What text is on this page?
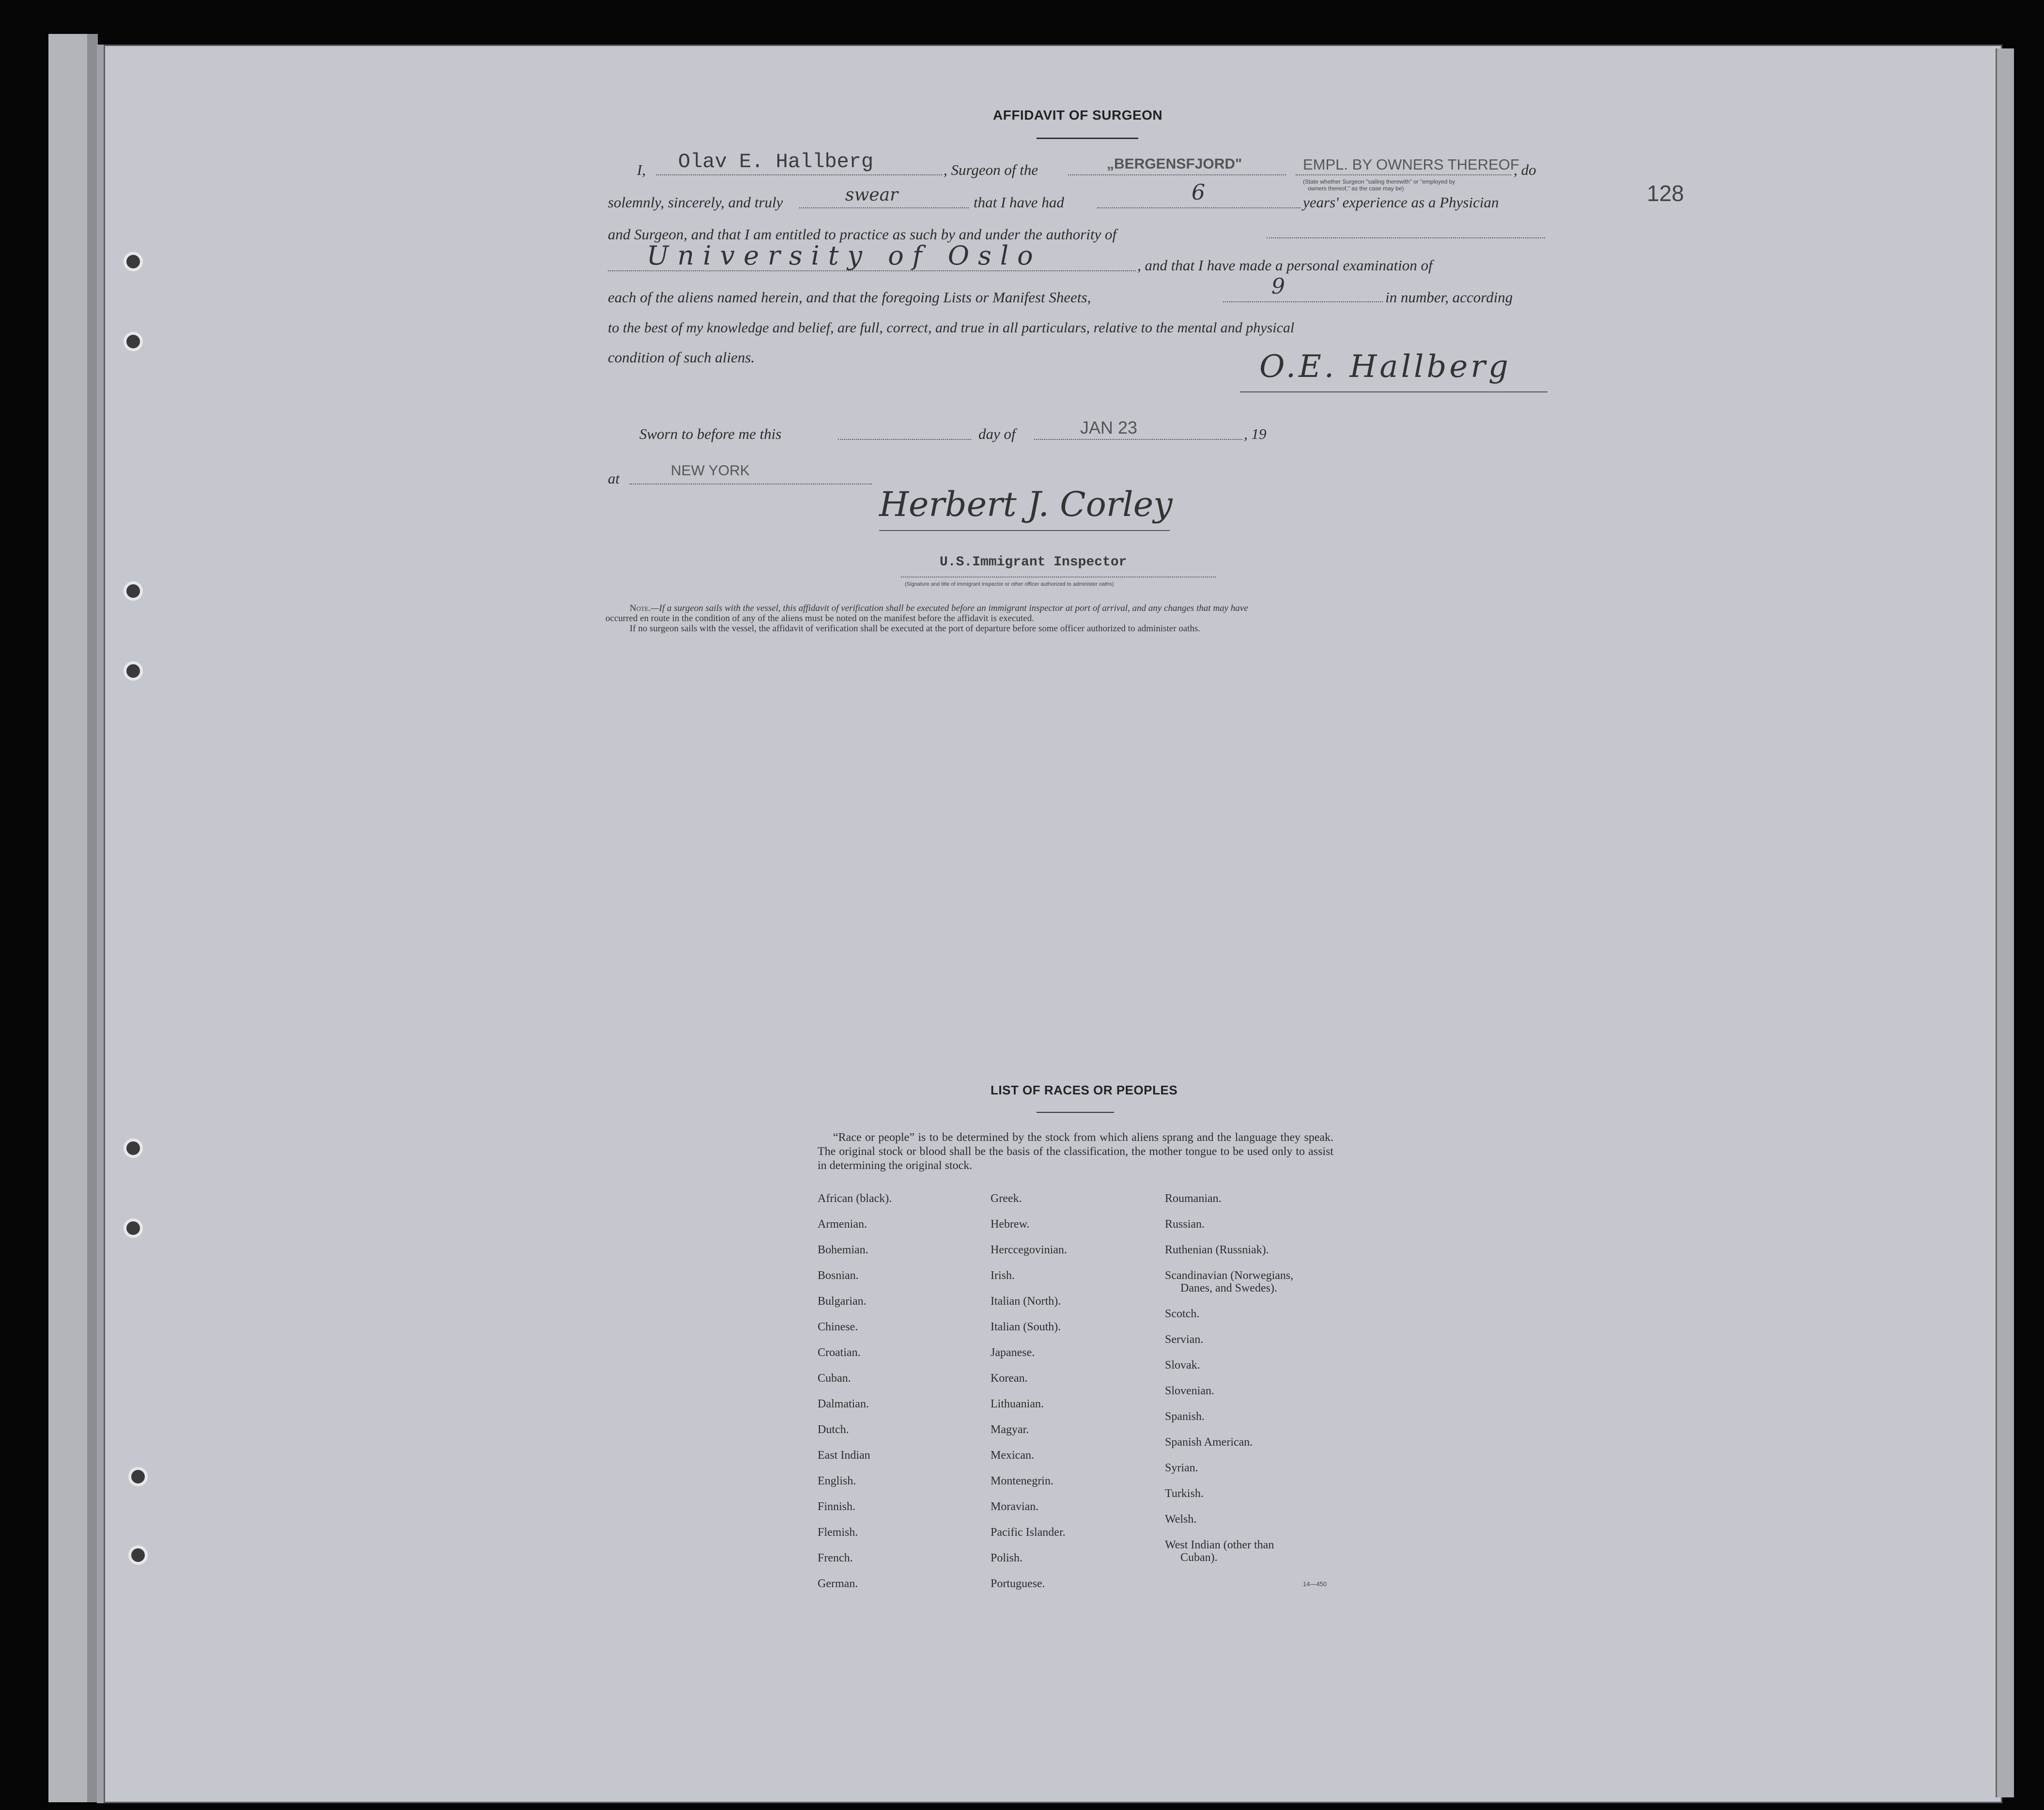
AFFIDAVIT OF SURGEON
128
I, Olav E. Hallberg	, Surgeon of the	„BERGENSFJORD"	EMPL. BY OWNERS THEREOF
, do
(State whether Surgeon "sailing therewith" or "employed by
owners thereof," as the case may be)
solemnly, sincerely, and truly	swear	that I have had	6	years' experience as a Physician
and Surgeon, and that I am entitled to practice as such by and under the authority of
University of Oslo	, and that I have made a personal examination of
each of the aliens named herein, and that the foregoing Lists or Manifest Sheets,	9	in number, according
to the best of my knowledge and belief, are full, correct, and true in all particulars, relative to the mental and physical
condition of such aliens.	O.E. Hallberg
Sworn to before me this	day of	JAN 23	, 19
at	NEW YORK
Herbert J. Corley
U.S.Immigrant Inspector
(Signature and title of immigrant inspector or other officer authorized to administer oaths)
Note.—If a surgeon sails with the vessel, this affidavit of verification shall be executed before an immigrant inspector at port of arrival, and any changes that may have
occurred en route in the condition of any of the aliens must be noted on the manifest before the affidavit is executed.
If no surgeon sails with the vessel, the affidavit of verification shall be executed at the port of departure before some officer authorized to administer oaths.
LIST OF RACES OR PEOPLES
“Race or people” is to be determined by the stock from which aliens sprang and the language they speak. The original stock or blood shall be the basis of the classification, the mother tongue to be used only to assist in determining the original stock.
African (black).
Armenian.
Bohemian.
Bosnian.
Bulgarian.
Chinese.
Croatian.
Cuban.
Dalmatian.
Dutch.
East Indian
English.
Finnish.
Flemish.
French.
German.
Greek.
Hebrew.
Herccegovinian.
Irish.
Italian (North).
Italian (South).
Japanese.
Korean.
Lithuanian.
Magyar.
Mexican.
Montenegrin.
Moravian.
Pacific Islander.
Polish.
Portuguese.
Roumanian.
Russian.
Ruthenian (Russniak).
Scandinavian (Norwegians,
Danes, and Swedes).
Scotch.
Servian.
Slovak.
Slovenian.
Spanish.
Spanish American.
Syrian.
Turkish.
Welsh.
West Indian (other than
Cuban).
14—450
